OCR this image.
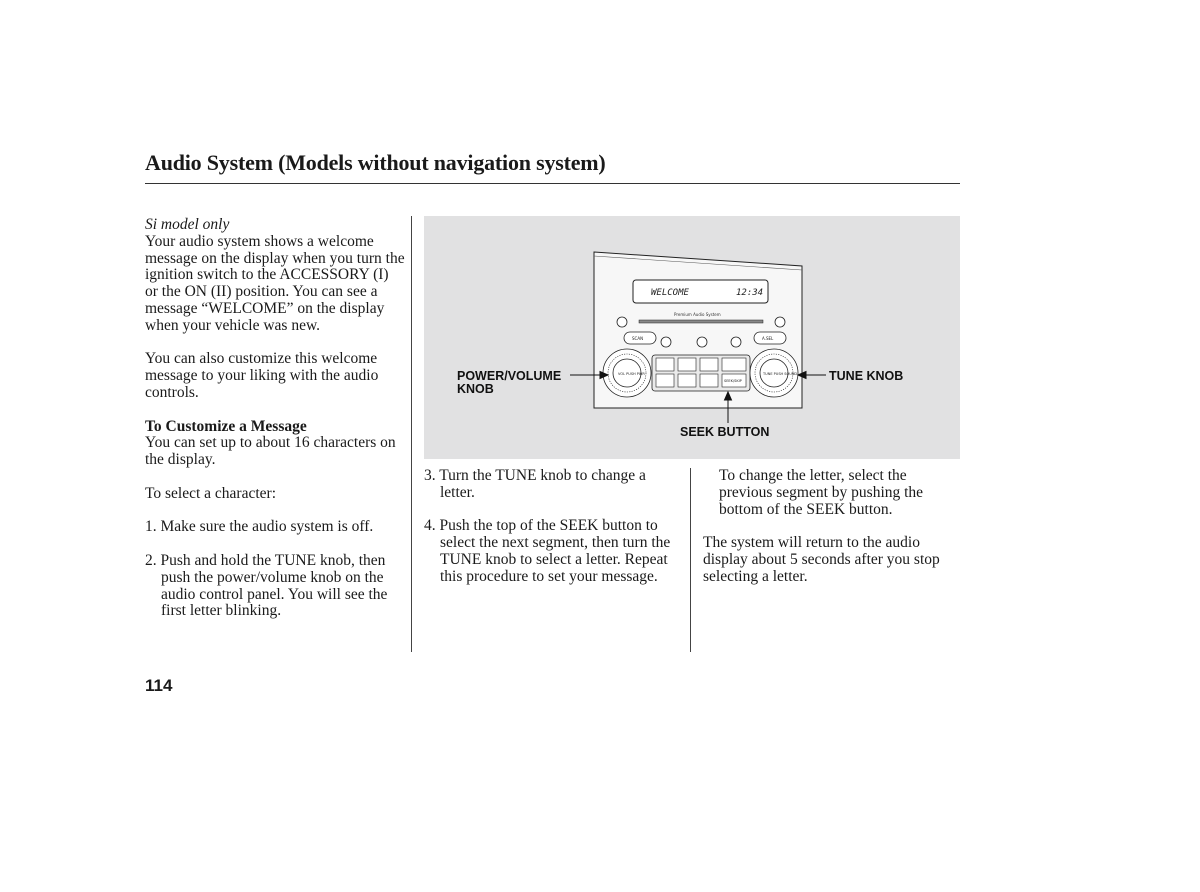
Audio System (Models without navigation system)

Si model only

Your audio system shows a welcome message on the display when you turn the ignition switch to the ACCESSORY (I) or the ON (II) position. You can see a message “WELCOME” on the display when your vehicle was new.

You can also customize this welcome message to your liking with the audio controls.

To Customize a Message

You can set up to about 16 characters on the display.

To select a character:

1. Make sure the audio system is off.

2. Push and hold the TUNE knob, then push the power/volume knob on the audio control panel. You will see the first letter blinking.

3. Turn the TUNE knob to change a letter.

4. Push the top of the SEEK button to select the next segment, then turn the TUNE knob to select a letter. Repeat this procedure to set your message.

To change the letter, select the previous segment by pushing the bottom of the SEEK button.

The system will return to the audio display about 5 seconds after you stop selecting a letter.

WELCOME	12:34
Premium Audio System
SCAN	A.SEL
SEEK/SKIP
VOL PUSH PWR	TUNE PUSH SOUND
POWER/VOLUME KNOB
TUNE KNOB
SEEK BUTTON
114
